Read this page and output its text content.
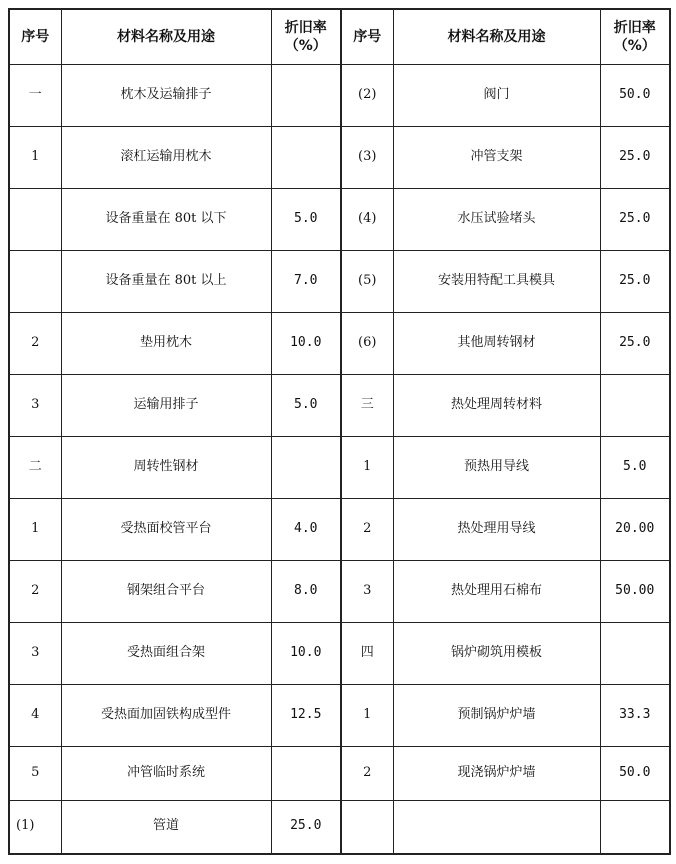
序号	材料名称及用途	折旧率
（%）	序号	材料名称及用途	折旧率
（%）
一	枕木及运输排子		(2)	阀门	50.0
1	滚杠运输用枕木		(3)	冲管支架	25.0
	设备重量在 80t 以下	5.0	(4)	水压试验堵头	25.0
	设备重量在 80t 以上	7.0	(5)	安装用特配工具模具	25.0
2	垫用枕木	10.0	(6)	其他周转钢材	25.0
3	运输用排子	5.0	三	热处理周转材料	
二	周转性钢材		1	预热用导线	5.0
1	受热面校管平台	4.0	2	热处理用导线	20.00
2	钢架组合平台	8.0	3	热处理用石棉布	50.00
3	受热面组合架	10.0	四	锅炉砌筑用模板	
4	受热面加固铁构成型件	12.5	1	预制锅炉炉墙	33.3
5	冲管临时系统		2	现浇锅炉炉墙	50.0
(1)	管道	25.0			
